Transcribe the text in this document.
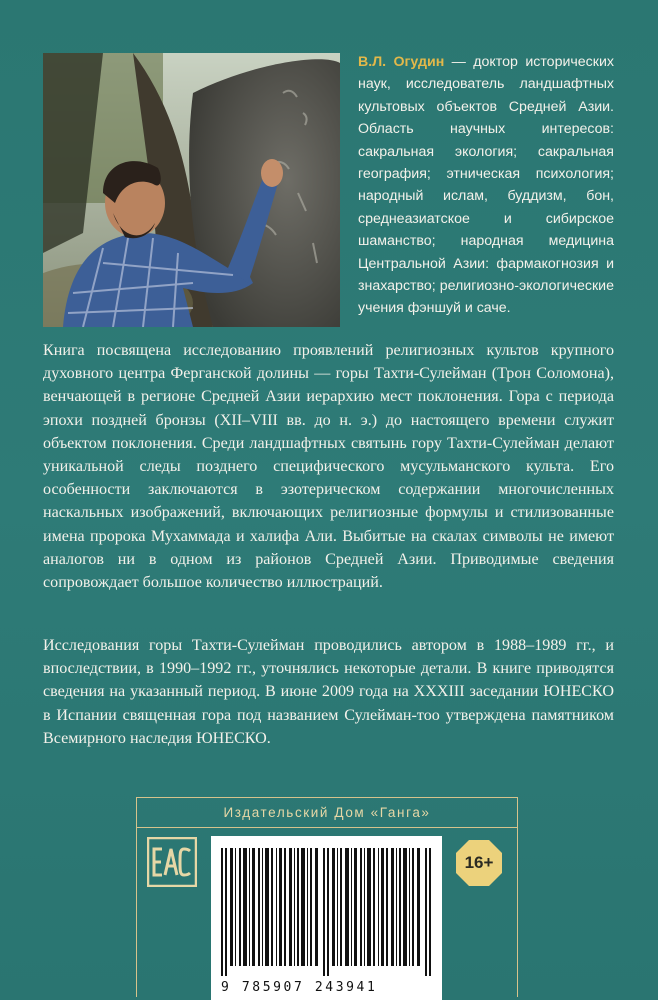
В.Л. Огудин — доктор исторических наук, исследователь ландшафтных культовых объектов Средней Азии. Область научных интересов: сакральная экология; сакральная география; этническая психология; народный ислам, буддизм, бон, среднеазиатское и сибирское шаманство; народная медицина Центральной Азии: фармакогнозия и знахарство; религиозно-экологические учения фэншуй и саче.

Книга посвящена исследованию проявлений религиозных культов крупного духовного центра Ферганской долины — горы Тахти-Сулейман (Трон Соломона), венчающей в регионе Средней Азии иерархию мест поклонения. Гора с периода эпохи поздней бронзы (XII–VIII вв. до н. э.) до настоящего времени служит объектом поклонения. Среди ландшафтных святынь гору Тахти-Сулейман делают уникальной следы позднего специфического мусульманского культа. Его особенности заключаются в эзотерическом содержании многочисленных наскальных изображений, включающих религиозные формулы и стилизованные имена пророка Мухаммада и халифа Али. Выбитые на скалах символы не имеют аналогов ни в одном из районов Средней Азии. Приводимые сведения сопровождает большое количество иллюстраций.

Исследования горы Тахти-Сулейман проводились автором в 1988–1989 гг., и впоследствии, в 1990–1992 гг., уточнялись некоторые детали. В книге приводятся сведения на указанный период. В июне 2009 года на XXXIII заседании ЮНЕСКО в Испании священная гора под названием Сулейман-тоо утверждена памятником Всемирного наследия ЮНЕСКО.

Издательский Дом «Ганга»
9 785907 243941
16+
